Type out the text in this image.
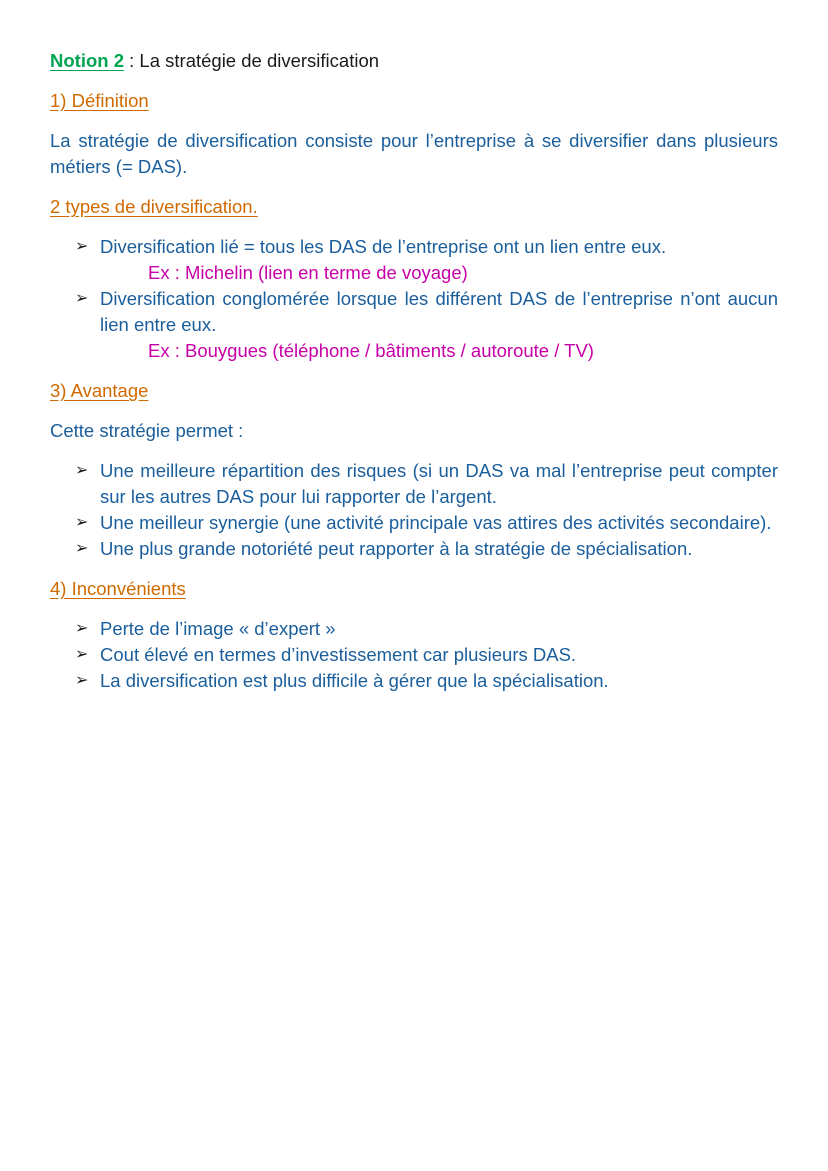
Notion 2 : La stratégie de diversification
1) Définition
La stratégie de diversification consiste pour l’entreprise à se diversifier dans plusieurs métiers (= DAS).
2 types de diversification.
➢ Diversification lié = tous les DAS de l’entreprise ont un lien entre eux.
Ex : Michelin (lien en terme de voyage)
➢ Diversification conglomérée lorsque les différent DAS de l’entreprise n’ont aucun lien entre eux.
Ex : Bouygues (téléphone / bâtiments / autoroute / TV)
3) Avantage
Cette stratégie permet :
➢ Une meilleure répartition des risques (si un DAS va mal l’entreprise peut compter sur les autres DAS pour lui rapporter de l’argent.
➢ Une meilleur synergie (une activité principale vas attires des activités secondaire).
➢ Une plus grande notoriété peut rapporter à la stratégie de spécialisation.
4) Inconvénients
➢ Perte de l’image « d’expert »
➢ Cout élevé en termes d’investissement car plusieurs DAS.
➢ La diversification est plus difficile à gérer que la spécialisation.
